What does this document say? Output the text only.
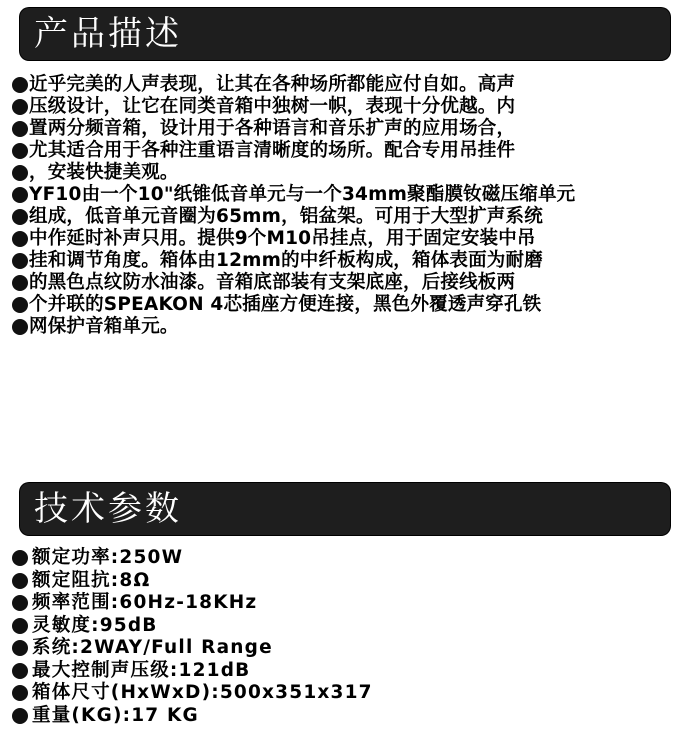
产品描述
近乎完美的人声表现，让其在各种场所都能应付自如。高声
压级设计，让它在同类音箱中独树一帜，表现十分优越。内
置两分频音箱，设计用于各种语言和音乐扩声的应用场合，
尤其适合用于各种注重语言清晰度的场所。配合专用吊挂件
，安装快捷美观。
YF10由一个10"纸锥低音单元与一个34mm聚酯膜钕磁压缩单元
组成，低音单元音圈为65mm，铝盆架。可用于大型扩声系统
中作延时补声只用。提供9个M10吊挂点，用于固定安装中吊
挂和调节角度。箱体由12mm的中纤板构成，箱体表面为耐磨
的黑色点纹防水油漆。音箱底部装有支架底座，后接线板两
个并联的SPEAKON 4芯插座方便连接，黑色外覆透声穿孔铁
网保护音箱单元。
技术参数
额定功率:250W
额定阻抗:8Ω
频率范围:60Hz-18KHz
灵敏度:95dB
系统:2WAY/Full Range
最大控制声压级:121dB
箱体尺寸(HxWxD):500x351x317
重量(KG):17 KG
